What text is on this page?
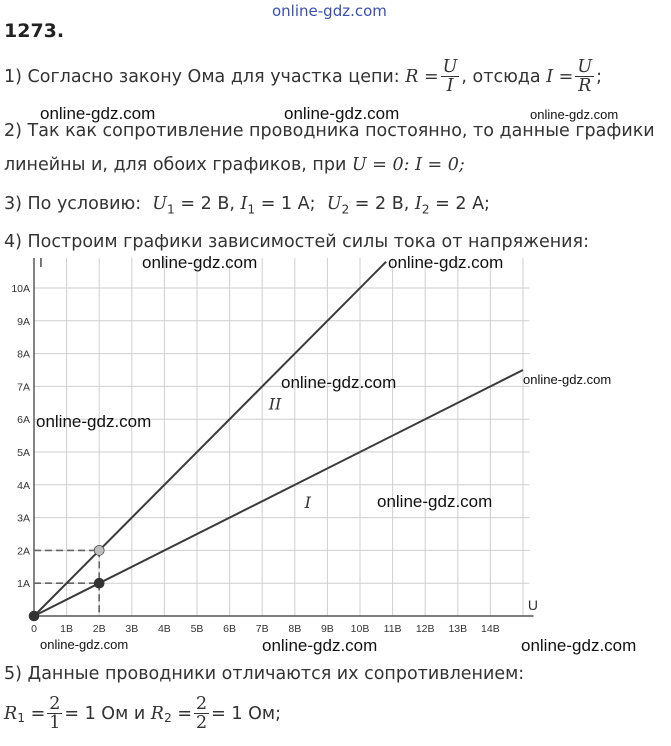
online-gdz.com
1273.
1) Согласно закону Ома для участка цепи:
$R = \frac{U}{I}$ , отсюда
$I = \frac{U}{R}$ ;
2) Так как сопротивление проводника постоянно, то данные графики
линейны и, для обоих графиков, при U = 0: I = 0;
3) По условию: $U_1 = 2$ В, $I_1 = 1$ А; $U_2 = 2$ В, $I_2 = 2$ А;
4) Построим графики зависимостей силы тока от напряжения:
U
I
0 1В 2В 3В 4В 5В 6В 7В 8В 9В 10В 11В 12В 13В 14В
1A
2A
3A
4A
5A
6A
7A
8A
9A
10A
II
I
5) Данные проводники отличаются их сопротивлением:
$R_1$
= $\frac{2}{1} = 1$ Ом и
$R_2$
= $\frac{2}{2} = 1$ Ом;
online-gdz.com	online-gdz.com	online-gdz.com
online-gdz.com	online-gdz.com
online-gdz.com	online-gdz.com
online-gdz.com
online-gdz.com
online-gdz.com	online-gdz.com	online-gdz.com
